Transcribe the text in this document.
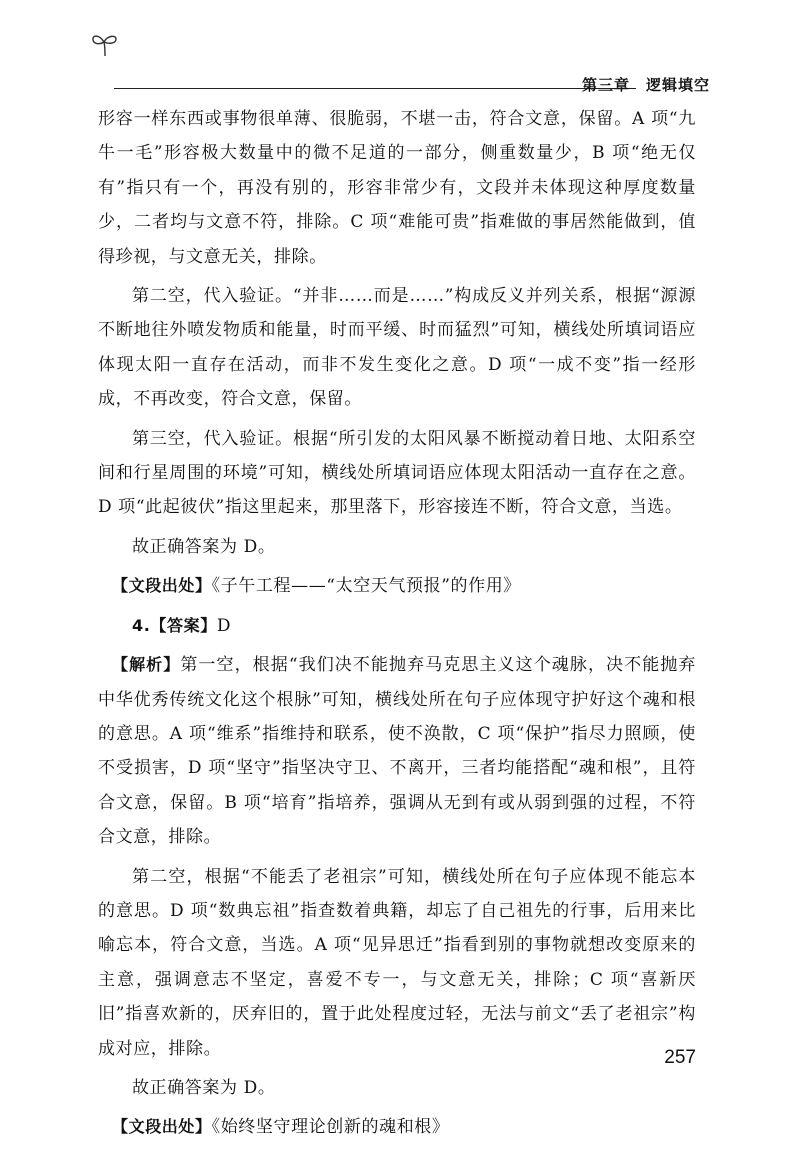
第三章 逻辑填空

形容一样东西或事物很单薄、很脆弱，不堪一击，符合文意，保留。A 项“九牛一毛”形容极大数量中的微不足道的一部分，侧重数量少，B 项“绝无仅有”指只有一个，再没有别的，形容非常少有，文段并未体现这种厚度数量少，二者均与文意不符，排除。C 项“难能可贵”指难做的事居然能做到，值得珍视，与文意无关，排除。

第二空，代入验证。“并非……而是……”构成反义并列关系，根据“源源不断地往外喷发物质和能量，时而平缓、时而猛烈”可知，横线处所填词语应体现太阳一直存在活动，而非不发生变化之意。D 项“一成不变”指一经形成，不再改变，符合文意，保留。

第三空，代入验证。根据“所引发的太阳风暴不断搅动着日地、太阳系空间和行星周围的环境”可知，横线处所填词语应体现太阳活动一直存在之意。D 项“此起彼伏”指这里起来，那里落下，形容接连不断，符合文意，当选。

故正确答案为 D。

【文段出处】《子午工程——“太空天气预报”的作用》

4.【答案】D

【解析】第一空，根据“我们决不能抛弃马克思主义这个魂脉，决不能抛弃中华优秀传统文化这个根脉”可知，横线处所在句子应体现守护好这个魂和根的意思。A 项“维系”指维持和联系，使不涣散，C 项“保护”指尽力照顾，使不受损害，D 项“坚守”指坚决守卫、不离开，三者均能搭配“魂和根”，且符合文意，保留。B 项“培育”指培养，强调从无到有或从弱到强的过程，不符合文意，排除。

第二空，根据“不能丢了老祖宗”可知，横线处所在句子应体现不能忘本的意思。D 项“数典忘祖”指查数着典籍，却忘了自己祖先的行事，后用来比喻忘本，符合文意，当选。A 项“见异思迁”指看到别的事物就想改变原来的主意，强调意志不坚定，喜爱不专一，与文意无关，排除；C 项“喜新厌旧”指喜欢新的，厌弃旧的，置于此处程度过轻，无法与前文“丢了老祖宗”构成对应，排除。

故正确答案为 D。

【文段出处】《始终坚守理论创新的魂和根》

257
